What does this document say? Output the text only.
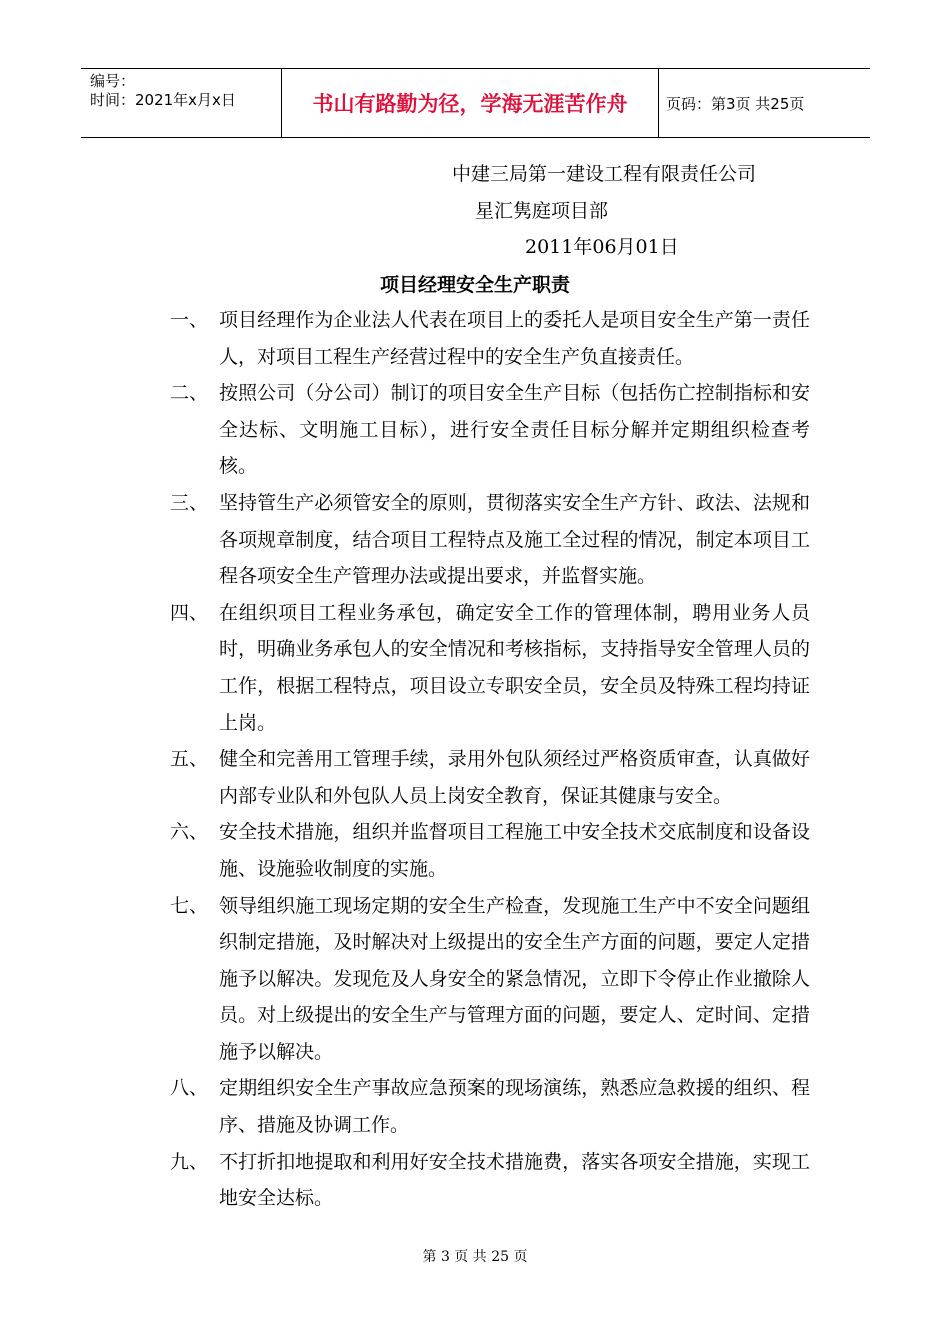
编号：
时间：2021年x月x日	书山有路勤为径，学海无涯苦作舟	页码：第3页 共25页
中建三局第一建设工程有限责任公司
星汇隽庭项目部
2011年06月01日
项目经理安全生产职责
一、 项目经理作为企业法人代表在项目上的委托人是项目安全生产第一责任人，对项目工程生产经营过程中的安全生产负直接责任。
二、 按照公司（分公司）制订的项目安全生产目标（包括伤亡控制指标和安全达标、文明施工目标），进行安全责任目标分解并定期组织检查考核。
三、 坚持管生产必须管安全的原则，贯彻落实安全生产方针、政法、法规和各项规章制度，结合项目工程特点及施工全过程的情况，制定本项目工程各项安全生产管理办法或提出要求，并监督实施。
四、 在组织项目工程业务承包，确定安全工作的管理体制，聘用业务人员时，明确业务承包人的安全情况和考核指标，支持指导安全管理人员的工作，根据工程特点，项目设立专职安全员，安全员及特殊工程均持证上岗。
五、 健全和完善用工管理手续，录用外包队须经过严格资质审查，认真做好内部专业队和外包队人员上岗安全教育，保证其健康与安全。
六、 安全技术措施，组织并监督项目工程施工中安全技术交底制度和设备设施、设施验收制度的实施。
七、 领导组织施工现场定期的安全生产检查，发现施工生产中不安全问题组织制定措施，及时解决对上级提出的安全生产方面的问题，要定人定措施予以解决。发现危及人身安全的紧急情况，立即下令停止作业撤除人员。对上级提出的安全生产与管理方面的问题，要定人、定时间、定措施予以解决。
八、 定期组织安全生产事故应急预案的现场演练，熟悉应急救援的组织、程序、措施及协调工作。
九、 不打折扣地提取和利用好安全技术措施费，落实各项安全措施，实现工地安全达标。
第 3 页 共 25 页
